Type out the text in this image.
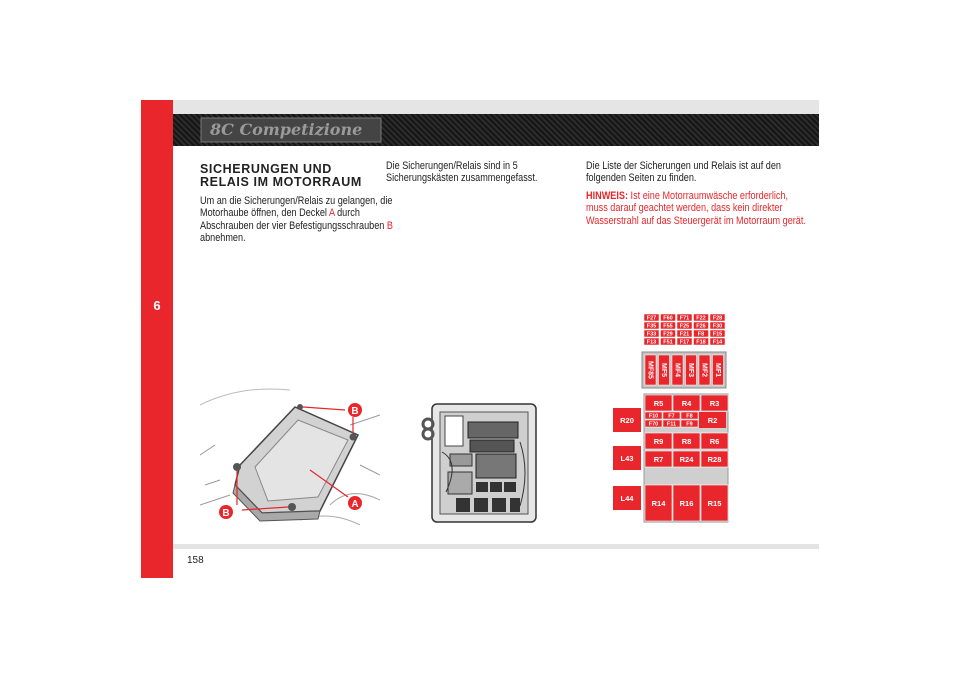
6
8C Competizione
SICHERUNGEN UND
RELAIS IM MOTORRAUM
Um an die Sicherungen/Relais zu gelangen, die Motorhaube öffnen, den Deckel A durch Abschrauben der vier Befestigungsschrauben B abnehmen.
Die Sicherungen/Relais sind in 5 Sicherungskästen zusammengefasst.
Die Liste der Sicherungen und Relais ist auf den folgenden Seiten zu finden.
HINWEIS: Ist eine Motorraumwäsche erforderlich, muss darauf geachtet werden, dass kein direkter Wasserstrahl auf das Steuergerät im Motorraum gerät.
B
A
B
F27 F60 F71 F22 F28
F35 F55 F25 F26 F30
F33 F29 F21 F8 F15
F13 F51 F17 F18 F14
MF85 MF5 MF4 MF3 MF2 MF1
R20
L43
L44
R5 R4 R3
F10 F7 F8
F70 F11 F9 R2
R9 R8 R6
R7 R24 R28
R14 R16 R15
158
